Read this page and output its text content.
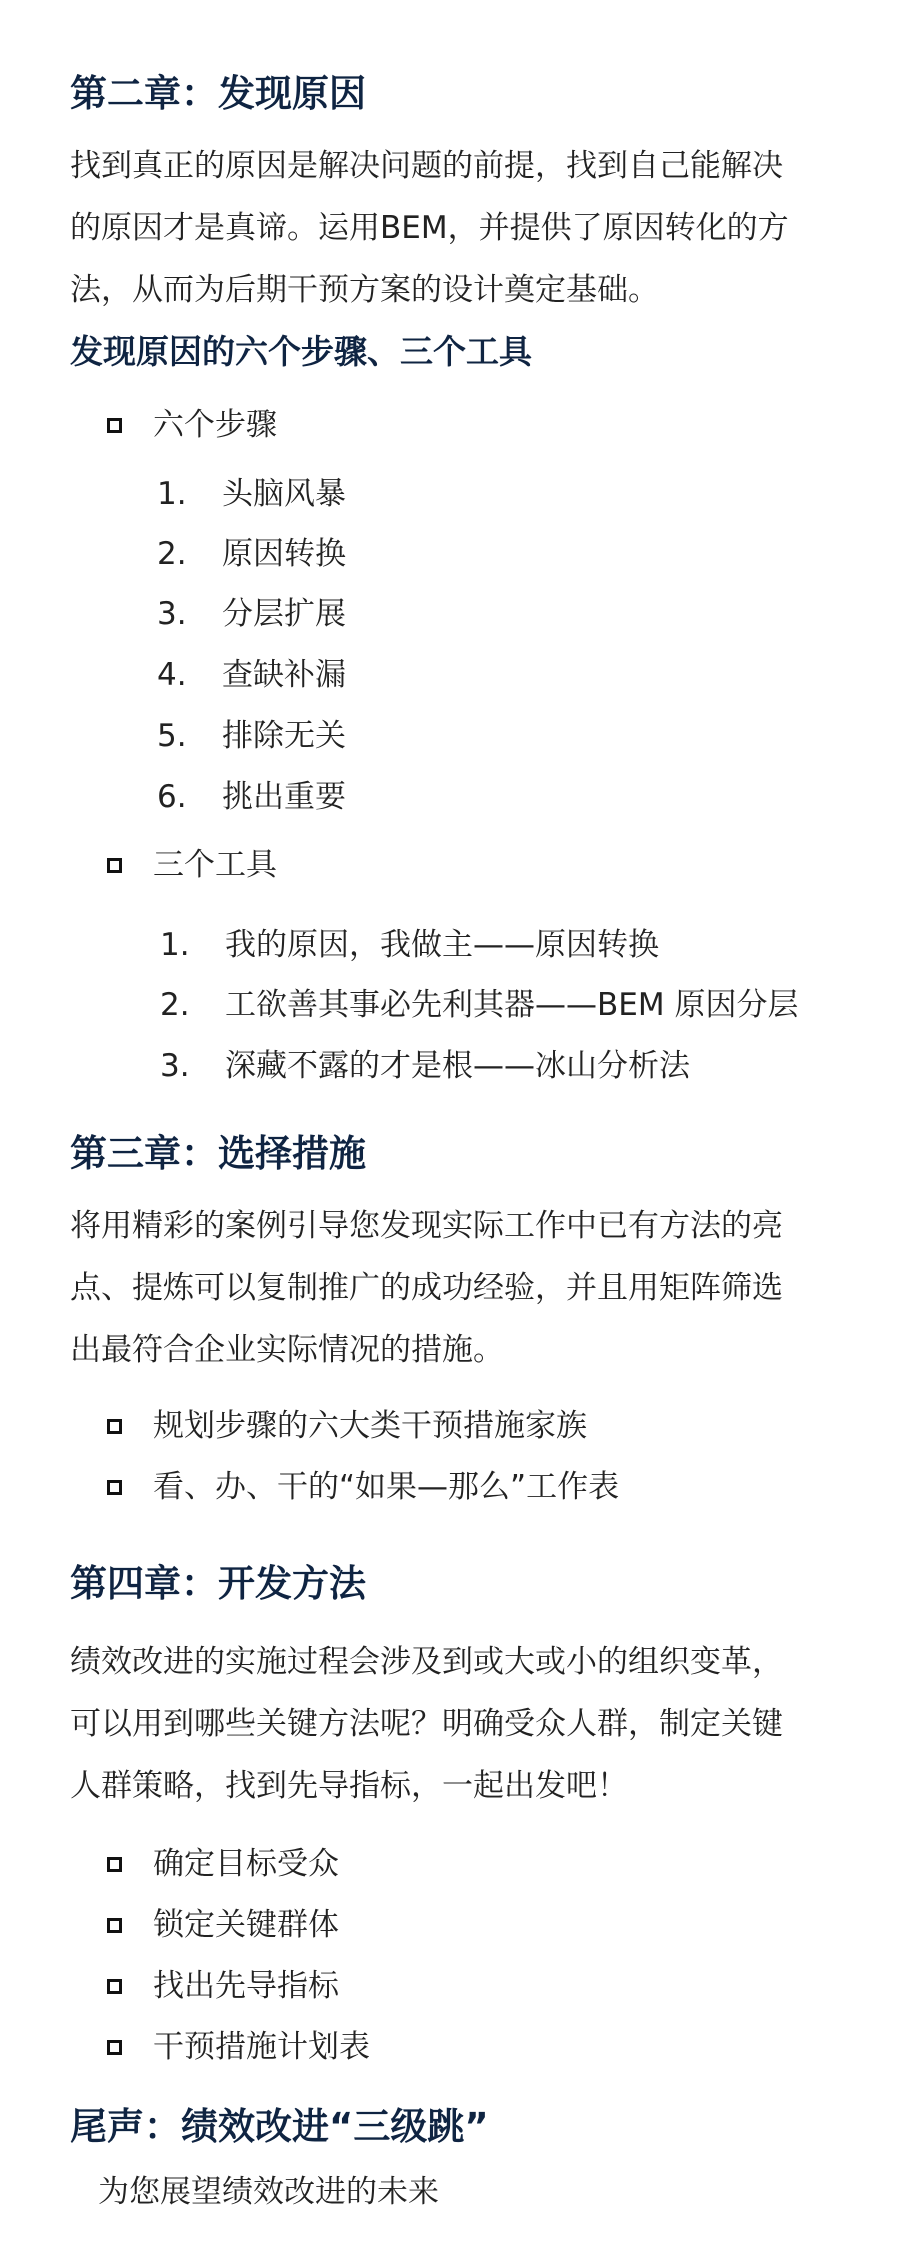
第二章：发现原因
找到真正的原因是解决问题的前提，找到自己能解决
的原因才是真谛。运用BEM，并提供了原因转化的方
法，从而为后期干预方案的设计奠定基础。
发现原因的六个步骤、三个工具
六个步骤
1. 头脑风暴
2. 原因转换
3. 分层扩展
4. 查缺补漏
5. 排除无关
6. 挑出重要
三个工具
1. 我的原因，我做主——原因转换
2. 工欲善其事必先利其器——BEM 原因分层
3. 深藏不露的才是根——冰山分析法
第三章：选择措施
将用精彩的案例引导您发现实际工作中已有方法的亮
点、提炼可以复制推广的成功经验，并且用矩阵筛选
出最符合企业实际情况的措施。
规划步骤的六大类干预措施家族
看、办、干的“如果—那么”工作表
第四章：开发方法
绩效改进的实施过程会涉及到或大或小的组织变革，
可以用到哪些关键方法呢？明确受众人群，制定关键
人群策略，找到先导指标，一起出发吧！
确定目标受众
锁定关键群体
找出先导指标
干预措施计划表
尾声：绩效改进“三级跳”
为您展望绩效改进的未来
